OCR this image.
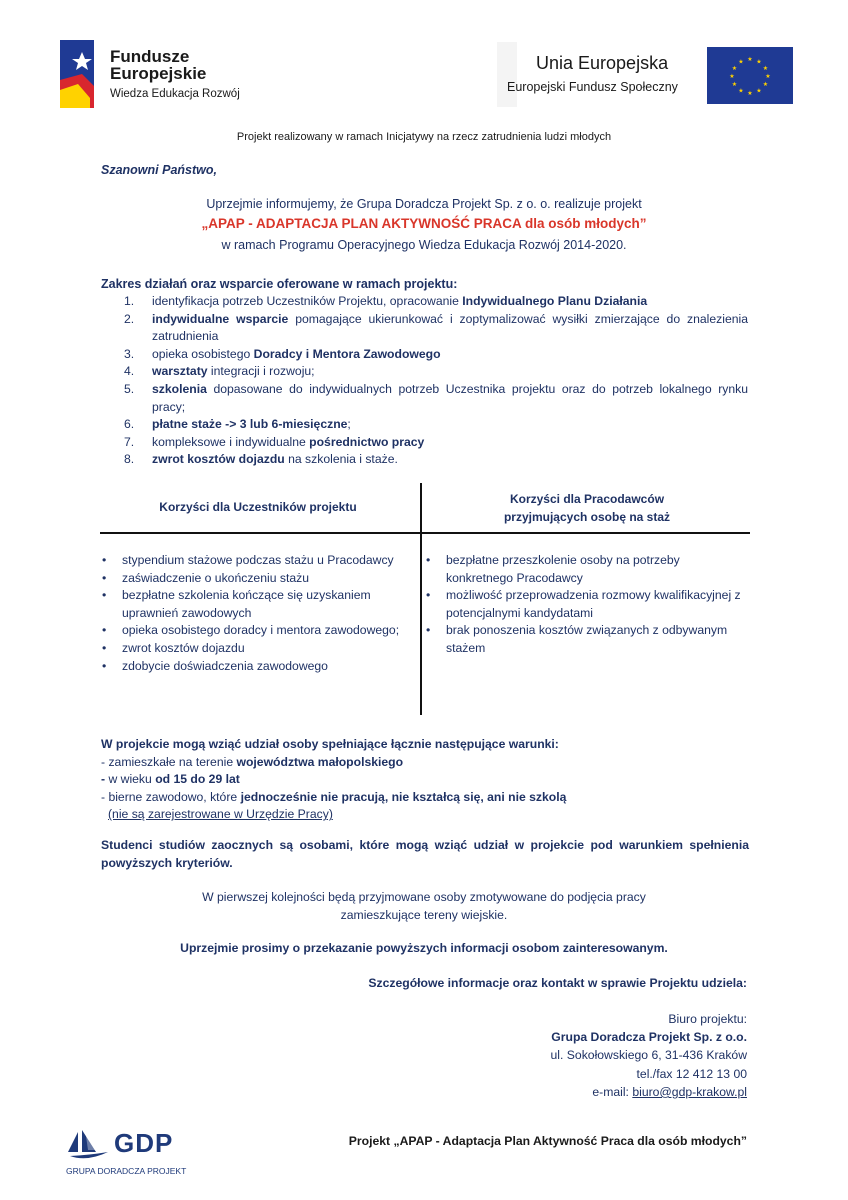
Fundusze
Europejskie
Wiedza Edukacja Rozwój
Unia Europejska
Europejski Fundusz Społeczny
★ ★
★
★
★
★
★
★
★
★
★
★
Projekt realizowany w ramach Inicjatywy na rzecz zatrudnienia ludzi młodych
Szanowni Państwo,
Uprzejmie informujemy, że Grupa Doradcza Projekt Sp. z o. o. realizuje projekt
„APAP - ADAPTACJA PLAN AKTYWNOŚĆ PRACA dla osób młodych”
w ramach Programu Operacyjnego Wiedza Edukacja Rozwój 2014-2020.
Zakres działań oraz wsparcie oferowane w ramach projektu:
1. identyfikacja potrzeb Uczestników Projektu, opracowanie Indywidualnego Planu Działania
2. indywidualne wsparcie pomagające ukierunkować i zoptymalizować wysiłki zmierzające do znalezienia zatrudnienia
3. opieka osobistego Doradcy i Mentora Zawodowego
4. warsztaty integracji i rozwoju;
5. szkolenia dopasowane do indywidualnych potrzeb Uczestnika projektu oraz do potrzeb lokalnego rynku pracy;
6. płatne staże -> 3 lub 6-miesięczne;
7. kompleksowe i indywidualne pośrednictwo pracy
8. zwrot kosztów dojazdu na szkolenia i staże.
Korzyści dla Uczestników projektu
Korzyści dla Pracodawców
przyjmujących osobę na staż
• stypendium stażowe podczas stażu u Pracodawcy
• zaświadczenie o ukończeniu stażu
• bezpłatne szkolenia kończące się uzyskaniem uprawnień zawodowych
• opieka osobistego doradcy i mentora zawodowego;
• zwrot kosztów dojazdu
• zdobycie doświadczenia zawodowego
• bezpłatne przeszkolenie osoby na potrzeby konkretnego Pracodawcy
• możliwość przeprowadzenia rozmowy kwalifikacyjnej z potencjalnymi kandydatami
• brak ponoszenia kosztów związanych z odbywanym stażem
W projekcie mogą wziąć udział osoby spełniające łącznie następujące warunki:
- zamieszkałe na terenie województwa małopolskiego
- w wieku od 15 do 29 lat
- bierne zawodowo, które jednocześnie nie pracują, nie kształcą się, ani nie szkolą
(nie są zarejestrowane w Urzędzie Pracy)
Studenci studiów zaocznych są osobami, które mogą wziąć udział w projekcie pod warunkiem spełnienia powyższych kryteriów.
W pierwszej kolejności będą przyjmowane osoby zmotywowane do podjęcia pracy
zamieszkujące tereny wiejskie.
Uprzejmie prosimy o przekazanie powyższych informacji osobom zainteresowanym.
Szczegółowe informacje oraz kontakt w sprawie Projektu udziela:
Biuro projektu:
Grupa Doradcza Projekt Sp. z o.o.
ul. Sokołowskiego 6, 31-436 Kraków
tel./fax 12 412 13 00
e-mail: biuro@gdp-krakow.pl
GDP
GRUPA DORADCZA PROJEKT
Projekt „APAP - Adaptacja Plan Aktywność Praca dla osób młodych”
